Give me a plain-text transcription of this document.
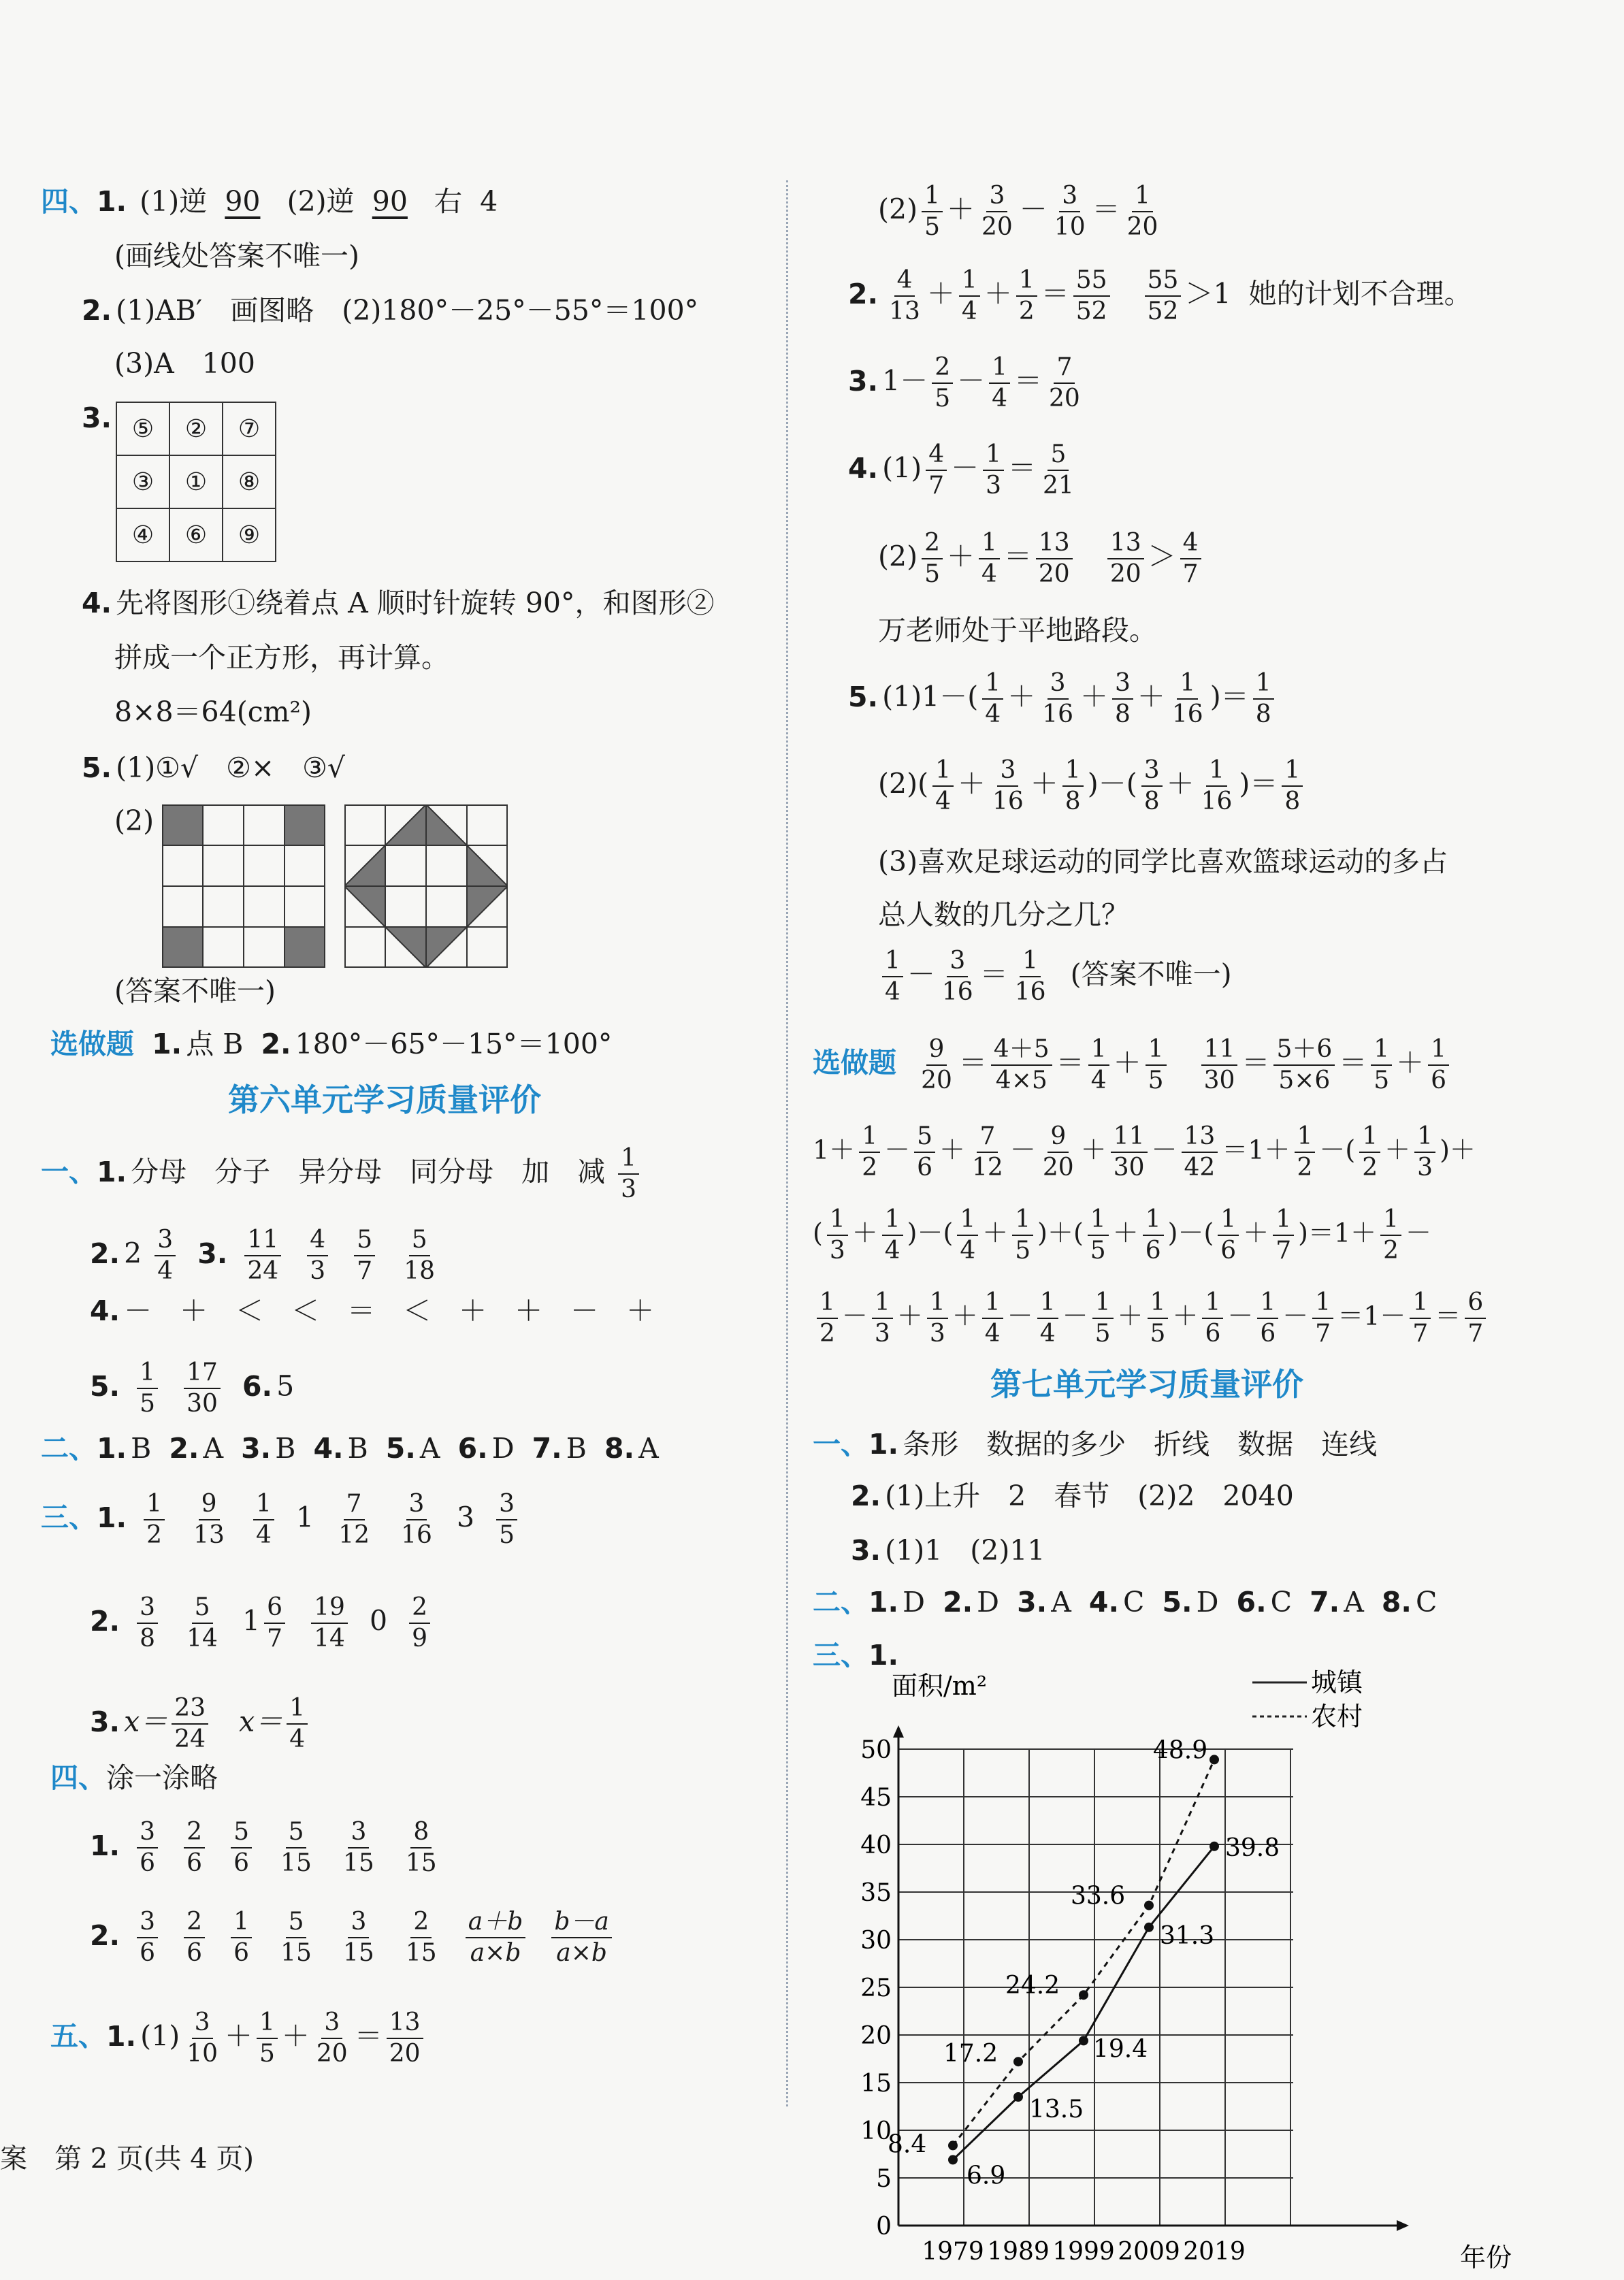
四、1. (1)逆 90 (2)逆 90 右 4
(画线处答案不唯一)
2. (1)AB′　画图略　(2)180°－25°－55°＝100°
(3)A　100
3. ⑤	②	⑦
③	①	⑧
④	⑥	⑨
4. 先将图形①绕着点 A 顺时针旋转 90°，和图形②
拼成一个正方形，再计算。
8×8＝64(cm²)
5. (1)①√　②×　③√
(2)
(答案不唯一)
选做题 1. 点 B 2. 180°－65°－15°＝100°
第六单元学习质量评价
一、1. 分母　分子　异分母　同分母　加　减 $\frac{1}{3}$
2. $2 \frac{3}{4} 3$. $\frac{11}{24}$
$\frac{4}{3}$
$\frac{5}{7}$
$\frac{5}{18}$
4. －　＋　＜　＜　＝　＜　＋　＋　－　＋
5. $\frac{1}{5}$
$\frac{17}{30} 6$. 5
二、1. B 2. A 3. B 4. B 5. A 6. D 7. B 8. A
三、1. $\frac{1}{2}$
$\frac{9}{13}$
$\frac{1}{4} 1 \frac{7}{12}$
$\frac{3}{16} 3 \frac{3}{5}$
2. $\frac{3}{8}$
$\frac{5}{14} 1 \frac{6}{7}$
$\frac{19}{14} 0 \frac{2}{9}$
3. $x= \frac{23}{24} x= \frac{1}{4}$
四、涂一涂略
1. $\frac{3}{6}$
$\frac{2}{6}$
$\frac{5}{6}$
$\frac{5}{15}$
$\frac{3}{15}$
$\frac{8}{15}$
2. $\frac{3}{6}$
$\frac{2}{6}$
$\frac{1}{6}$
$\frac{5}{15}$
$\frac{3}{15}$
$\frac{2}{15}$
$\frac{a+b}{a\times b}$
$\frac{b-a}{a\times b}$
五、1. $(1) \frac{3}{10} + \frac{1}{5} + \frac{3}{20} = \frac{13}{20}$
案　第 2 页(共 4 页)
$(2) \frac{1}{5} + \frac{3}{20} - \frac{3}{10} = \frac{1}{20}$
2. $\frac{4}{13} + \frac{1}{4} + \frac{1}{2} = \frac{55}{52}$
$\frac{55}{52} >1$  她的计划不合理。
3. $1- \frac{2}{5} - \frac{1}{4} = \frac{7}{20}$
4. $(1) \frac{4}{7} - \frac{1}{3} = \frac{5}{21}$
$(2) \frac{2}{5} + \frac{1}{4} = \frac{13}{20}$
$\frac{13}{20} > \frac{4}{7}$
万老师处于平地路段。
5. $(1)1-( \frac{1}{4} + \frac{3}{16} + \frac{3}{8} + \frac{1}{16}$ )＝ $\frac{1}{8}$
$(2)( \frac{1}{4} + \frac{3}{16} + \frac{1}{8}$ )－( $\frac{3}{8} + \frac{1}{16}$ )＝ $\frac{1}{8}$
(3)喜欢足球运动的同学比喜欢篮球运动的多占
总人数的几分之几？
$\frac{1}{4} - \frac{3}{16} = \frac{1}{16}$ (答案不唯一)
选做题 $\frac{9}{20} = \frac{4+5}{4\times 5} = \frac{1}{4} + \frac{1}{5}$
$\frac{11}{30} = \frac{5+6}{5\times 6} = \frac{1}{5} + \frac{1}{6}$
$1+ \frac{1}{2} - \frac{5}{6} + \frac{7}{12} - \frac{9}{20} + \frac{11}{30} - \frac{13}{42} =1+ \frac{1}{2}$ －( $\frac{1}{2} + \frac{1}{3}$ )＋
( $\frac{1}{3} + \frac{1}{4}$ )－( $\frac{1}{4} + \frac{1}{5}$ )＋( $\frac{1}{5} + \frac{1}{6}$ )－( $\frac{1}{6} + \frac{1}{7} )=1+ \frac{1}{2}$ －
$\frac{1}{2} - \frac{1}{3} + \frac{1}{3} + \frac{1}{4} - \frac{1}{4} - \frac{1}{5} + \frac{1}{5} + \frac{1}{6} - \frac{1}{6} - \frac{1}{7} =1- \frac{1}{7} = \frac{6}{7}$
第七单元学习质量评价
一、1. 条形　数据的多少　折线　数据　连线
2. (1)上升　2　春节　(2)2　2040
3. (1)1　(2)11
二、1. D 2. D 3. A 4. C 5. D 6. C 7. A 8. C
三、1.
0
5
10
15
20
25
30
35
40
45
50
1979 1989 1999 2009 2019
6.9
13.5
19.4
31.3
39.8
8.4
17.2
24.2
33.6
48.9
面积/m²
年份
城镇
农村
